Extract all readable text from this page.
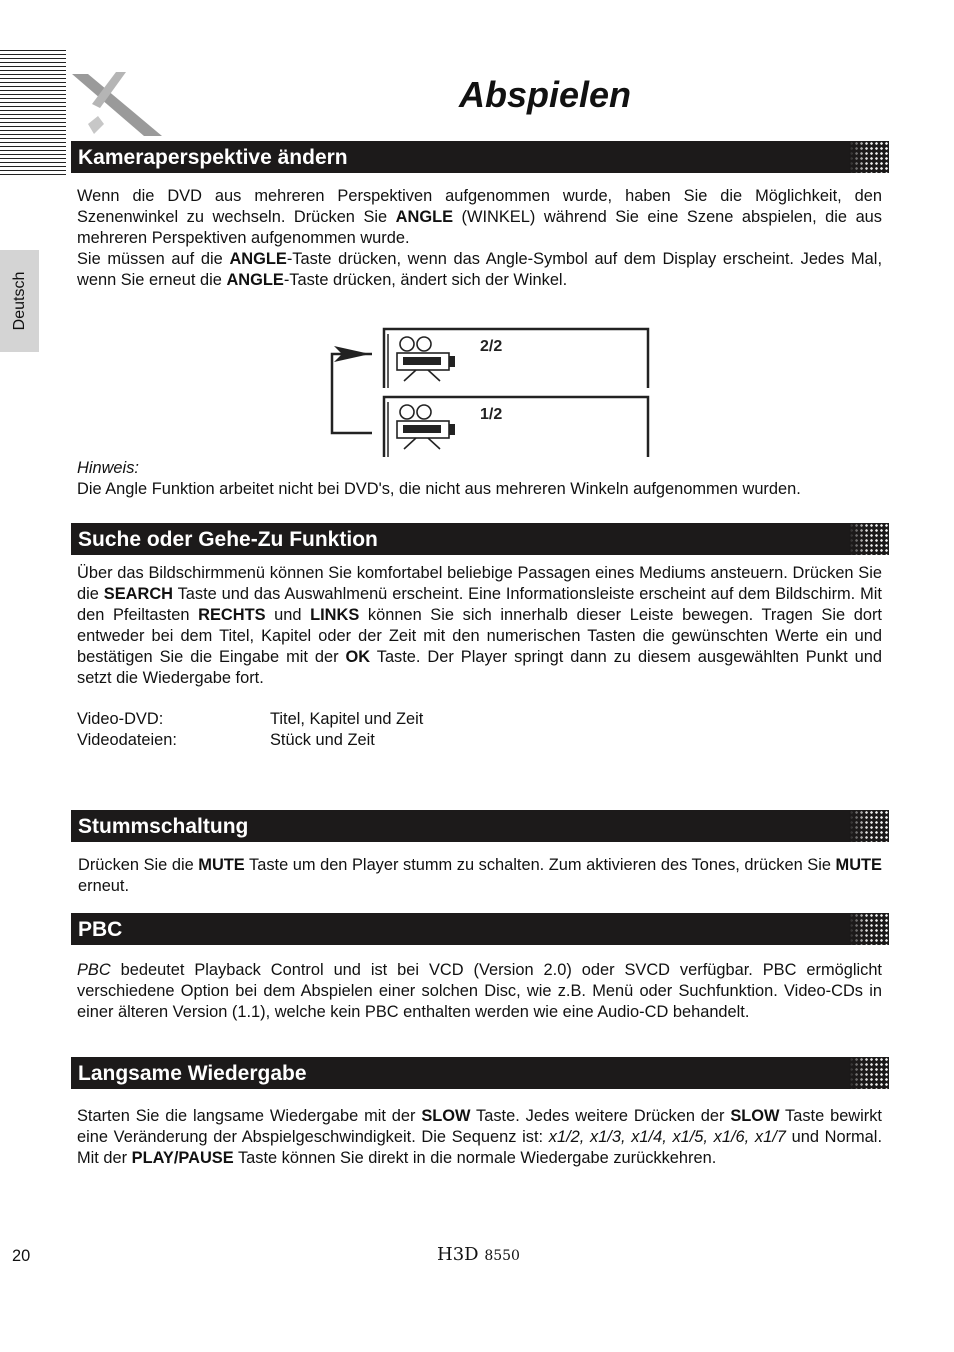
Abspielen
Deutsch
Kameraperspektive ändern

Wenn die DVD aus mehreren Perspektiven aufgenommen wurde, haben Sie die Möglichkeit, den Szenenwinkel zu wechseln. Drücken Sie ANGLE (WINKEL) während Sie eine Szene abspielen, die aus mehreren Perspektiven aufgenommen wurde.

Sie müssen auf die ANGLE-Taste drücken, wenn das Angle-Symbol auf dem Display erscheint. Jedes Mal, wenn Sie erneut die ANGLE-Taste drücken, ändert sich der Winkel.

2/2
1/2

Hinweis:

Die Angle Funktion arbeitet nicht bei DVD's, die nicht aus mehreren Winkeln aufgenommen wurden.

Suche oder Gehe-Zu Funktion

Über das Bildschirmmenü können Sie komfortabel beliebige Passagen eines Mediums ansteuern. Drücken Sie die SEARCH Taste und das Auswahlmenü erscheint. Eine Informationsleiste erscheint auf dem Bildschirm. Mit den Pfeiltasten RECHTS und LINKS können Sie sich innerhalb dieser Leiste bewegen. Tragen Sie dort entweder bei dem Titel, Kapitel oder der Zeit mit den numerischen Tasten die gewünschten Werte ein und bestätigen Sie die Eingabe mit der OK Taste. Der Player springt dann zu diesem ausgewählten Punkt und setzt die Wiedergabe fort.

Video-DVD:	Titel, Kapitel und Zeit
Videodateien:	Stück und Zeit
Stummschaltung

Drücken Sie die MUTE Taste um den Player stumm zu schalten. Zum aktivieren des Tones, drücken Sie MUTE erneut.

PBC

PBC bedeutet Playback Control und ist bei VCD (Version 2.0) oder SVCD verfügbar. PBC ermöglicht verschiedene Option bei dem Abspielen einer solchen Disc, wie z.B. Menü oder Suchfunktion. Video-CDs in einer älteren Version (1.1), welche kein PBC enthalten werden wie eine Audio-CD behandelt.

Langsame Wiedergabe

Starten Sie die langsame Wiedergabe mit der SLOW Taste. Jedes weitere Drücken der SLOW Taste bewirkt eine Veränderung der Abspielgeschwindigkeit. Die Sequenz ist: x1/2, x1/3, x1/4, x1/5, x1/6, x1/7 und Normal. Mit der PLAY/PAUSE Taste können Sie direkt in die normale Wiedergabe zurückkehren.

20	H3D 8550
